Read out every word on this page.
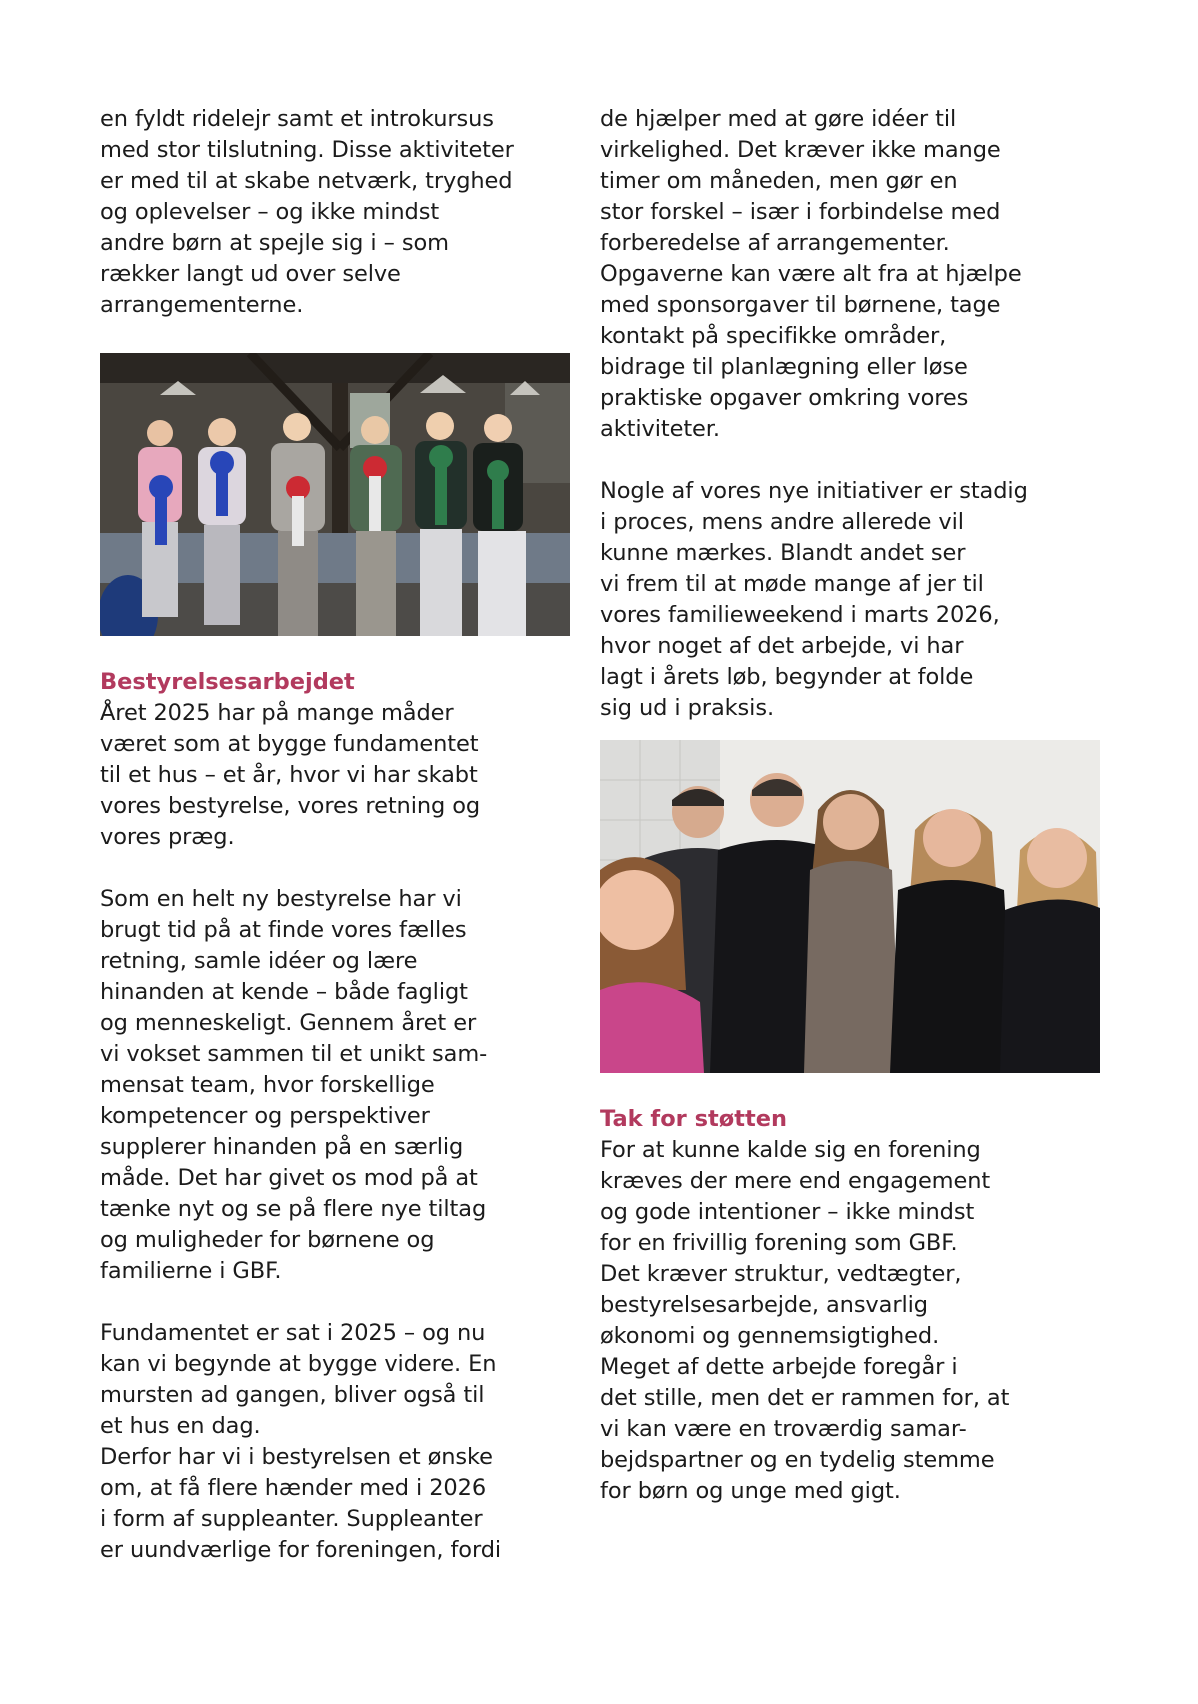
en fyldt ridelejr samt et introkursus
med stor tilslutning. Disse aktiviteter
er med til at skabe netværk, tryghed
og oplevelser – og ikke mindst
andre børn at spejle sig i – som
rækker langt ud over selve
arrangementerne.

Bestyrelsesarbejdet

Året 2025 har på mange måder
været som at bygge fundamentet
til et hus – et år, hvor vi har skabt
vores bestyrelse, vores retning og
vores præg.

Som en helt ny bestyrelse har vi
brugt tid på at finde vores fælles
retning, samle idéer og lære
hinanden at kende – både fagligt
og menneskeligt. Gennem året er
vi vokset sammen til et unikt sam-
mensat team, hvor forskellige
kompetencer og perspektiver
supplerer hinanden på en særlig
måde. Det har givet os mod på at
tænke nyt og se på flere nye tiltag
og muligheder for børnene og
familierne i GBF.

Fundamentet er sat i 2025 – og nu
kan vi begynde at bygge videre. En
mursten ad gangen, bliver også til
et hus en dag.
Derfor har vi i bestyrelsen et ønske
om, at få flere hænder med i 2026
i form af suppleanter. Suppleanter
er uundværlige for foreningen, fordi

de hjælper med at gøre idéer til
virkelighed. Det kræver ikke mange
timer om måneden, men gør en
stor forskel – især i forbindelse med
forberedelse af arrangementer.
Opgaverne kan være alt fra at hjælpe
med sponsorgaver til børnene, tage
kontakt på specifikke områder,
bidrage til planlægning eller løse
praktiske opgaver omkring vores
aktiviteter.

Nogle af vores nye initiativer er stadig
i proces, mens andre allerede vil
kunne mærkes. Blandt andet ser
vi frem til at møde mange af jer til
vores familieweekend i marts 2026,
hvor noget af det arbejde, vi har
lagt i årets løb, begynder at folde
sig ud i praksis.

Tak for støtten

For at kunne kalde sig en forening
kræves der mere end engagement
og gode intentioner – ikke mindst
for en frivillig forening som GBF.
Det kræver struktur, vedtægter,
bestyrelsesarbejde, ansvarlig
økonomi og gennemsigtighed.
Meget af dette arbejde foregår i
det stille, men det er rammen for, at
vi kan være en troværdig samar-
bejdspartner og en tydelig stemme
for børn og unge med gigt.
